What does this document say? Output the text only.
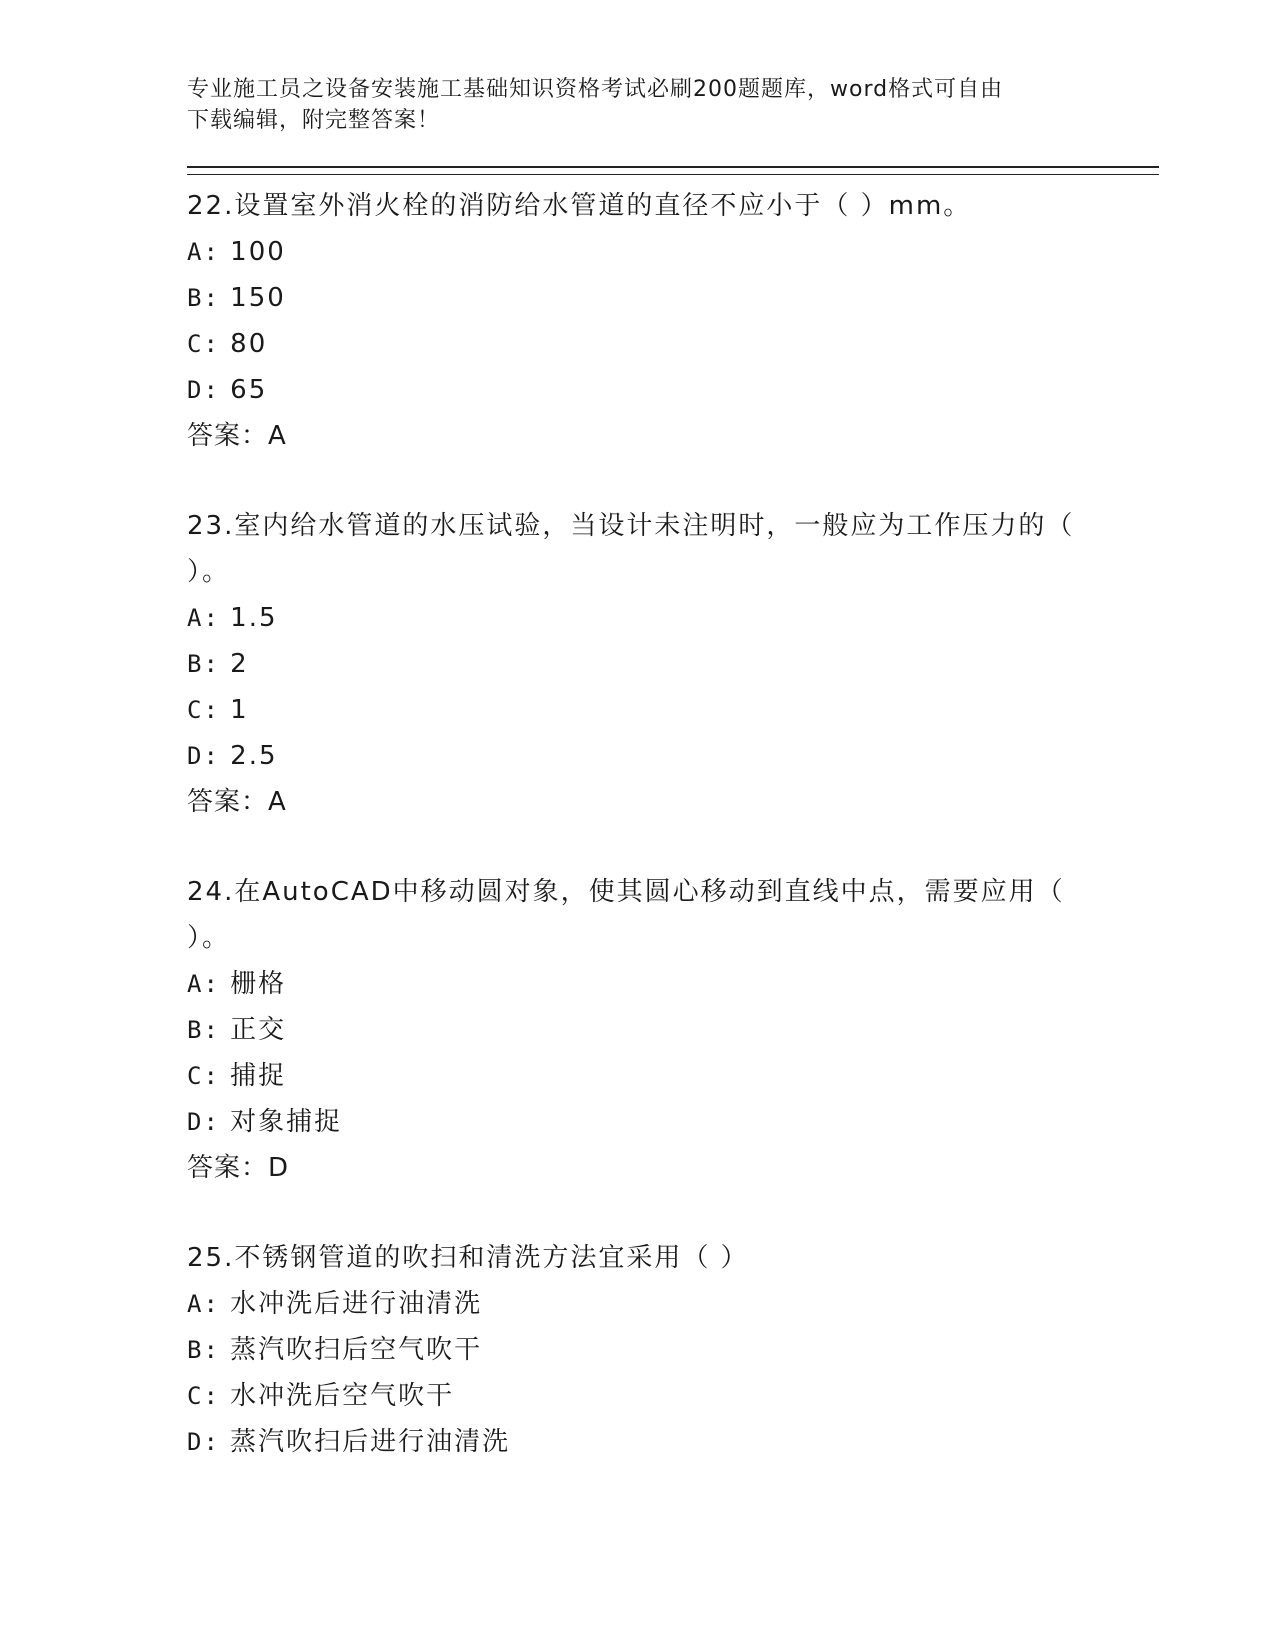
专业施工员之设备安装施工基础知识资格考试必刷200题题库，word格式可自由
下载编辑，附完整答案！
22.设置室外消火栓的消防给水管道的直径不应小于（ ）mm。
A: 100
B: 150
C: 80
D: 65
答案：A
23.室内给水管道的水压试验，当设计未注明时，一般应为工作压力的（ ）。
A: 1.5
B: 2
C: 1
D: 2.5
答案：A
24.在AutoCAD中移动圆对象，使其圆心移动到直线中点，需要应用（ ）。
A: 栅格
B: 正交
C: 捕捉
D: 对象捕捉
答案：D
25.不锈钢管道的吹扫和清洗方法宜采用（ ）
A: 水冲洗后进行油清洗
B: 蒸汽吹扫后空气吹干
C: 水冲洗后空气吹干
D: 蒸汽吹扫后进行油清洗
